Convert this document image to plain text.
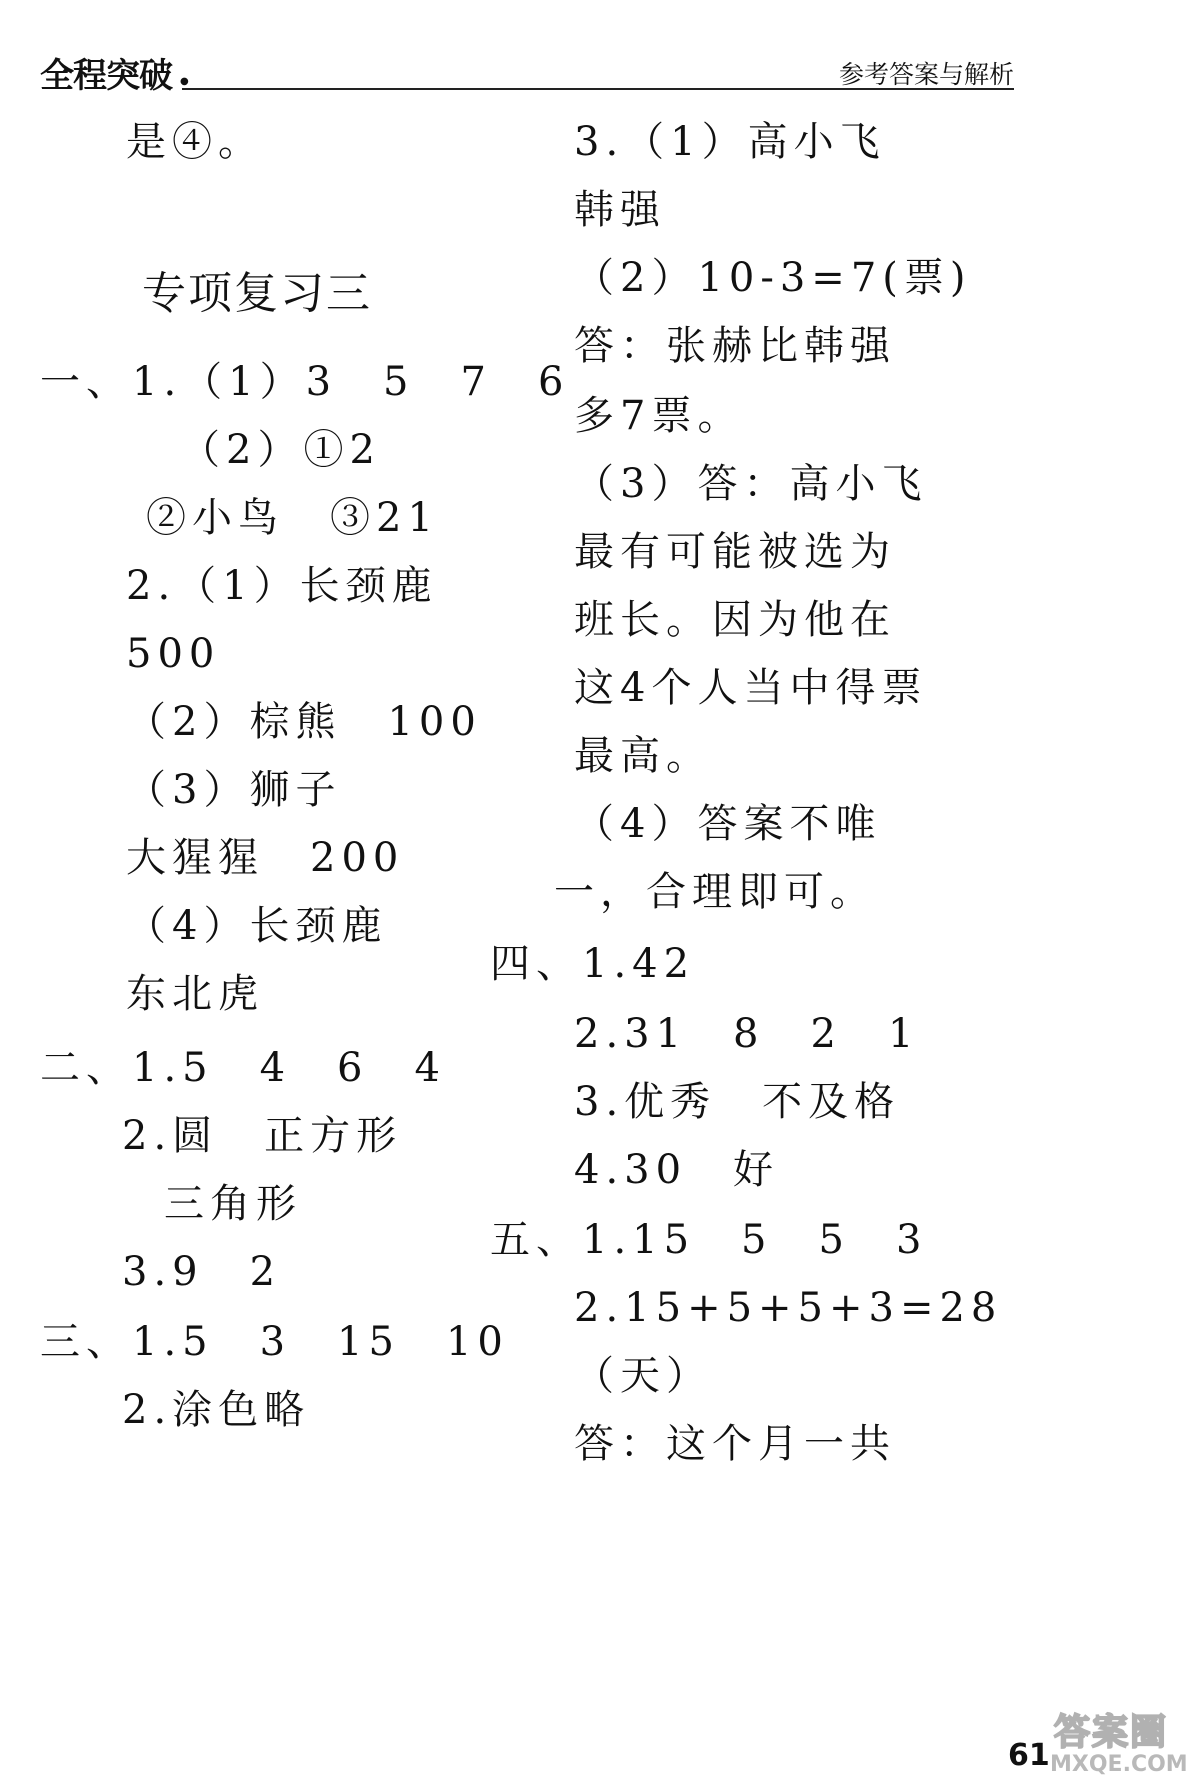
全程突破 ●	参考答案与解析
是④。
专项复习三
一、1.（1）3　5　7　6
（2）①2
②小鸟　③21
2.（1）长颈鹿
500
（2）棕熊　100
（3）狮子
大猩猩　200
（4）长颈鹿
东北虎
二、1.5　4　6　4
2.圆　正方形
三角形
3.9　2
三、1.5　3　15　10
2.涂色略
3.（1）高小飞
韩强
（2）10-3=7(票)
答：张赫比韩强
多7票。
（3）答：高小飞
最有可能被选为
班长。因为他在
这4个人当中得票
最高。
（4）答案不唯
一，合理即可。
四、1.42
2.31　8　2　1
3.优秀　不及格
4.30　好
五、1.15　5　5　3
2.15+5+5+3=28
（天）
答：这个月一共
61
答案圈
MXQE.COM
